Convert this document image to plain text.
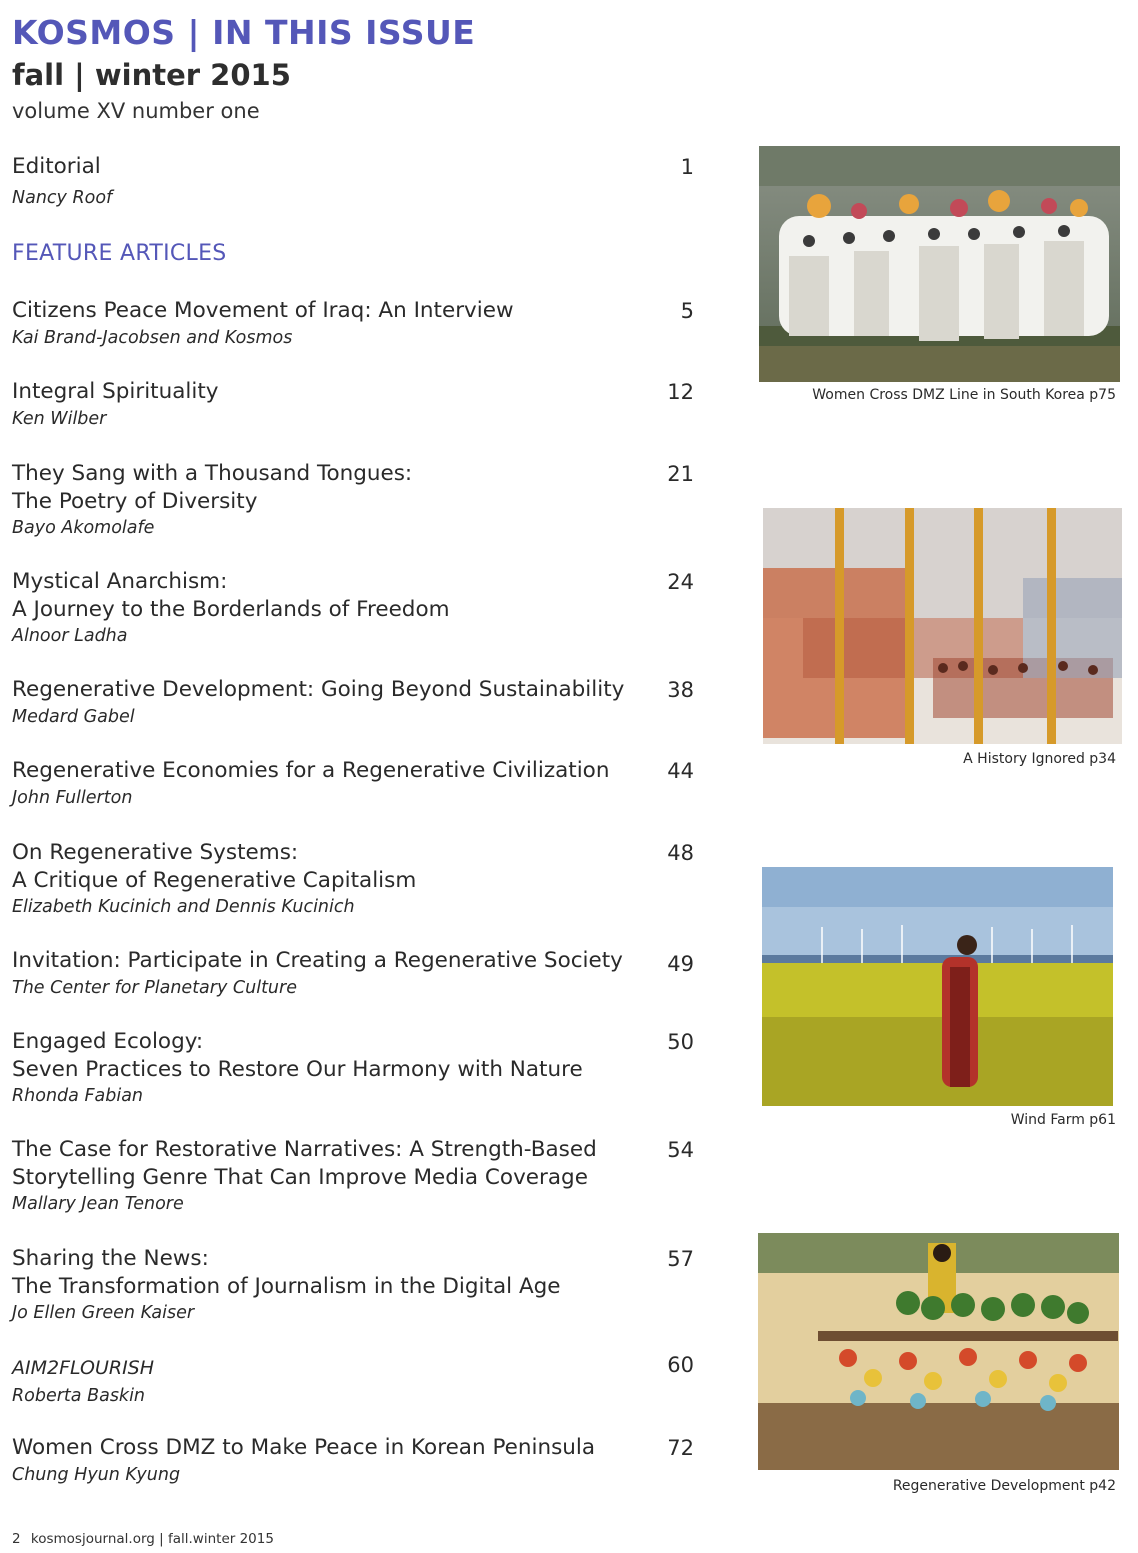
KOSMOS | IN THIS ISSUE
fall | winter 2015
volume XV number one
Editorial
Nancy Roof
1
FEATURE ARTICLES
Citizens Peace Movement of Iraq: An Interview
Kai Brand-Jacobsen and Kosmos
5
Integral Spirituality
Ken Wilber
12
They Sang with a Thousand Tongues:
The Poetry of Diversity
Bayo Akomolafe
21
Mystical Anarchism:
A Journey to the Borderlands of Freedom
Alnoor Ladha
24
Regenerative Development: Going Beyond Sustainability
Medard Gabel
38
Regenerative Economies for a Regenerative Civilization
John Fullerton
44
On Regenerative Systems:
A Critique of Regenerative Capitalism
Elizabeth Kucinich and Dennis Kucinich
48
Invitation: Participate in Creating a Regenerative Society
The Center for Planetary Culture
49
Engaged Ecology:
Seven Practices to Restore Our Harmony with Nature
Rhonda Fabian
50
The Case for Restorative Narratives: A Strength-Based
Storytelling Genre That Can Improve Media Coverage
Mallary Jean Tenore
54
Sharing the News:
The Transformation of Journalism in the Digital Age
Jo Ellen Green Kaiser
57
AIM2FLOURISH
Roberta Baskin
60
Women Cross DMZ to Make Peace in Korean Peninsula
Chung Hyun Kyung
72
Women Cross DMZ Line in South Korea p75
A History Ignored p34
Wind Farm p61
Regenerative Development p42
2 kosmosjournal.org | fall.winter 2015
